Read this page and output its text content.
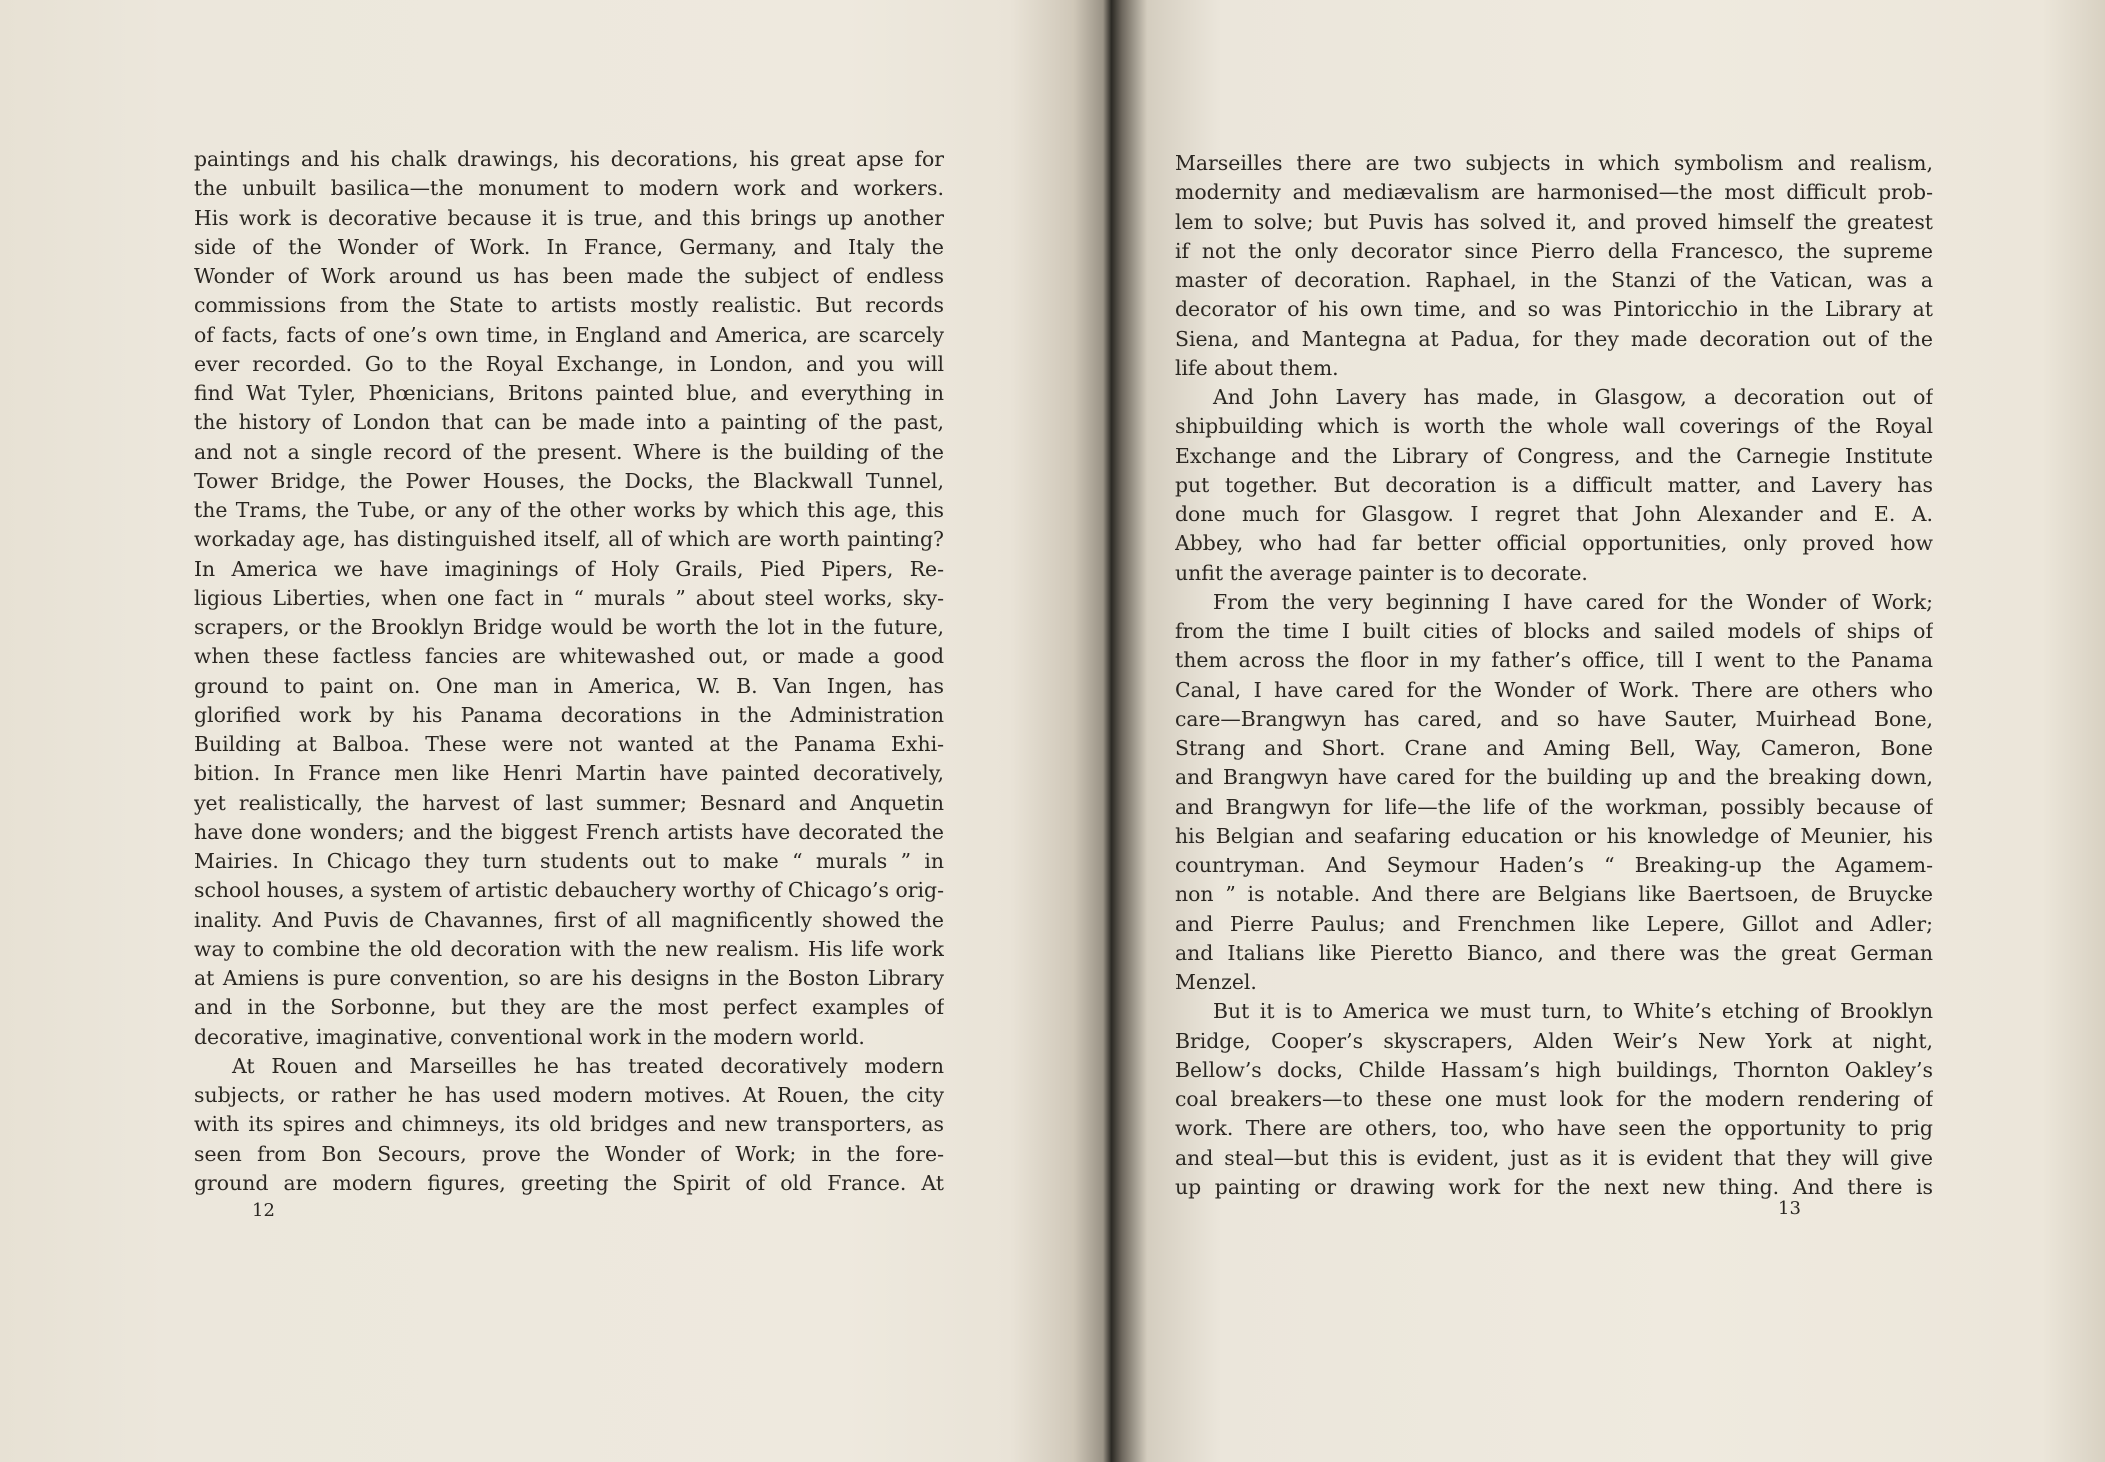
paintings and his chalk drawings, his decorations, his great apse for
the unbuilt basilica—the monument to modern work and workers.
His work is decorative because it is true, and this brings up another
side of the Wonder of Work. In France, Germany, and Italy the
Wonder of Work around us has been made the subject of endless
commissions from the State to artists mostly realistic. But records
of facts, facts of one’s own time, in England and America, are scarcely
ever recorded. Go to the Royal Exchange, in London, and you will
find Wat Tyler, Phœnicians, Britons painted blue, and everything in
the history of London that can be made into a painting of the past,
and not a single record of the present. Where is the building of the
Tower Bridge, the Power Houses, the Docks, the Blackwall Tunnel,
the Trams, the Tube, or any of the other works by which this age, this
workaday age, has distinguished itself, all of which are worth painting?
In America we have imaginings of Holy Grails, Pied Pipers, Re-
ligious Liberties, when one fact in “ murals ” about steel works, sky-
scrapers, or the Brooklyn Bridge would be worth the lot in the future,
when these factless fancies are whitewashed out, or made a good
ground to paint on. One man in America, W. B. Van Ingen, has
glorified work by his Panama decorations in the Administration
Building at Balboa. These were not wanted at the Panama Exhi-
bition. In France men like Henri Martin have painted decoratively,
yet realistically, the harvest of last summer; Besnard and Anquetin
have done wonders; and the biggest French artists have decorated the
Mairies. In Chicago they turn students out to make “ murals ” in
school houses, a system of artistic debauchery worthy of Chicago’s orig-
inality. And Puvis de Chavannes, first of all magnificently showed the
way to combine the old decoration with the new realism. His life work
at Amiens is pure convention, so are his designs in the Boston Library
and in the Sorbonne, but they are the most perfect examples of
decorative, imaginative, conventional work in the modern world.
At Rouen and Marseilles he has treated decoratively modern
subjects, or rather he has used modern motives. At Rouen, the city
with its spires and chimneys, its old bridges and new transporters, as
seen from Bon Secours, prove the Wonder of Work; in the fore-
ground are modern figures, greeting the Spirit of old France. At
12
Marseilles there are two subjects in which symbolism and realism,
modernity and mediævalism are harmonised—the most difficult prob-
lem to solve; but Puvis has solved it, and proved himself the greatest
if not the only decorator since Pierro della Francesco, the supreme
master of decoration. Raphael, in the Stanzi of the Vatican, was a
decorator of his own time, and so was Pintoricchio in the Library at
Siena, and Mantegna at Padua, for they made decoration out of the
life about them.
And John Lavery has made, in Glasgow, a decoration out of
shipbuilding which is worth the whole wall coverings of the Royal
Exchange and the Library of Congress, and the Carnegie Institute
put together. But decoration is a difficult matter, and Lavery has
done much for Glasgow. I regret that John Alexander and E. A.
Abbey, who had far better official opportunities, only proved how
unfit the average painter is to decorate.
From the very beginning I have cared for the Wonder of Work;
from the time I built cities of blocks and sailed models of ships of
them across the floor in my father’s office, till I went to the Panama
Canal, I have cared for the Wonder of Work. There are others who
care—Brangwyn has cared, and so have Sauter, Muirhead Bone,
Strang and Short. Crane and Aming Bell, Way, Cameron, Bone
and Brangwyn have cared for the building up and the breaking down,
and Brangwyn for life—the life of the workman, possibly because of
his Belgian and seafaring education or his knowledge of Meunier, his
countryman. And Seymour Haden’s “ Breaking-up the Agamem-
non ” is notable. And there are Belgians like Baertsoen, de Bruycke
and Pierre Paulus; and Frenchmen like Lepere, Gillot and Adler;
and Italians like Pieretto Bianco, and there was the great German
Menzel.
But it is to America we must turn, to White’s etching of Brooklyn
Bridge, Cooper’s skyscrapers, Alden Weir’s New York at night,
Bellow’s docks, Childe Hassam’s high buildings, Thornton Oakley’s
coal breakers—to these one must look for the modern rendering of
work. There are others, too, who have seen the opportunity to prig
and steal—but this is evident, just as it is evident that they will give
up painting or drawing work for the next new thing. And there is
13
